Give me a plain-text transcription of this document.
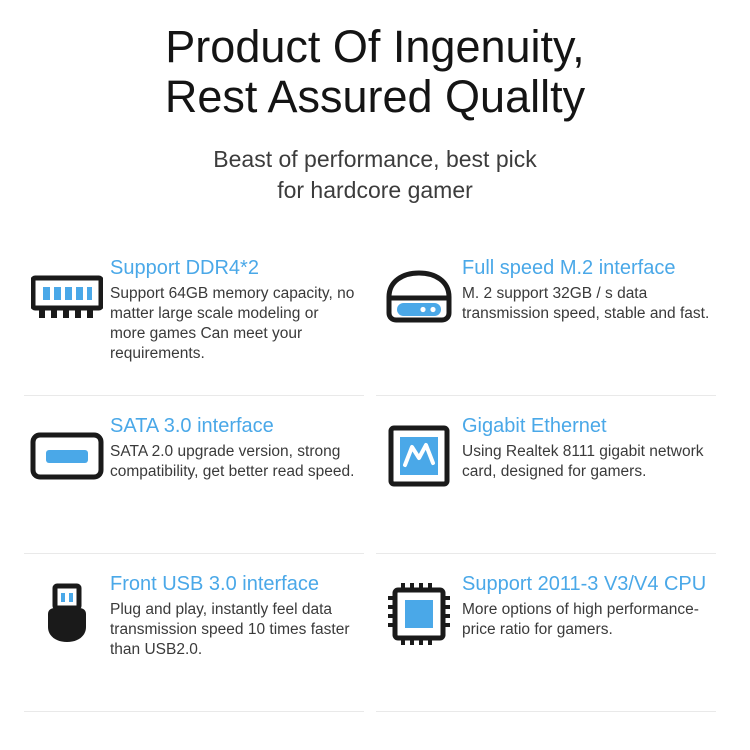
Product Of Ingenuity,
Rest Assured Quallty
Beast of performance, best pick
for hardcore gamer
Support DDR4*2
Support 64GB memory capacity, no matter large scale modeling or more games Can meet your requirements.
Full speed M.2 interface
M. 2 support 32GB / s data transmission speed, stable and fast.
SATA 3.0 interface
SATA 2.0 upgrade version, strong compatibility, get better read speed.
Gigabit Ethernet
Using Realtek 8111 gigabit network card, designed for gamers.
Front USB 3.0 interface
Plug and play, instantly feel data transmission speed 10 times faster than USB2.0.
Support 2011-3 V3/V4 CPU
More options of high performance-price ratio for gamers.
